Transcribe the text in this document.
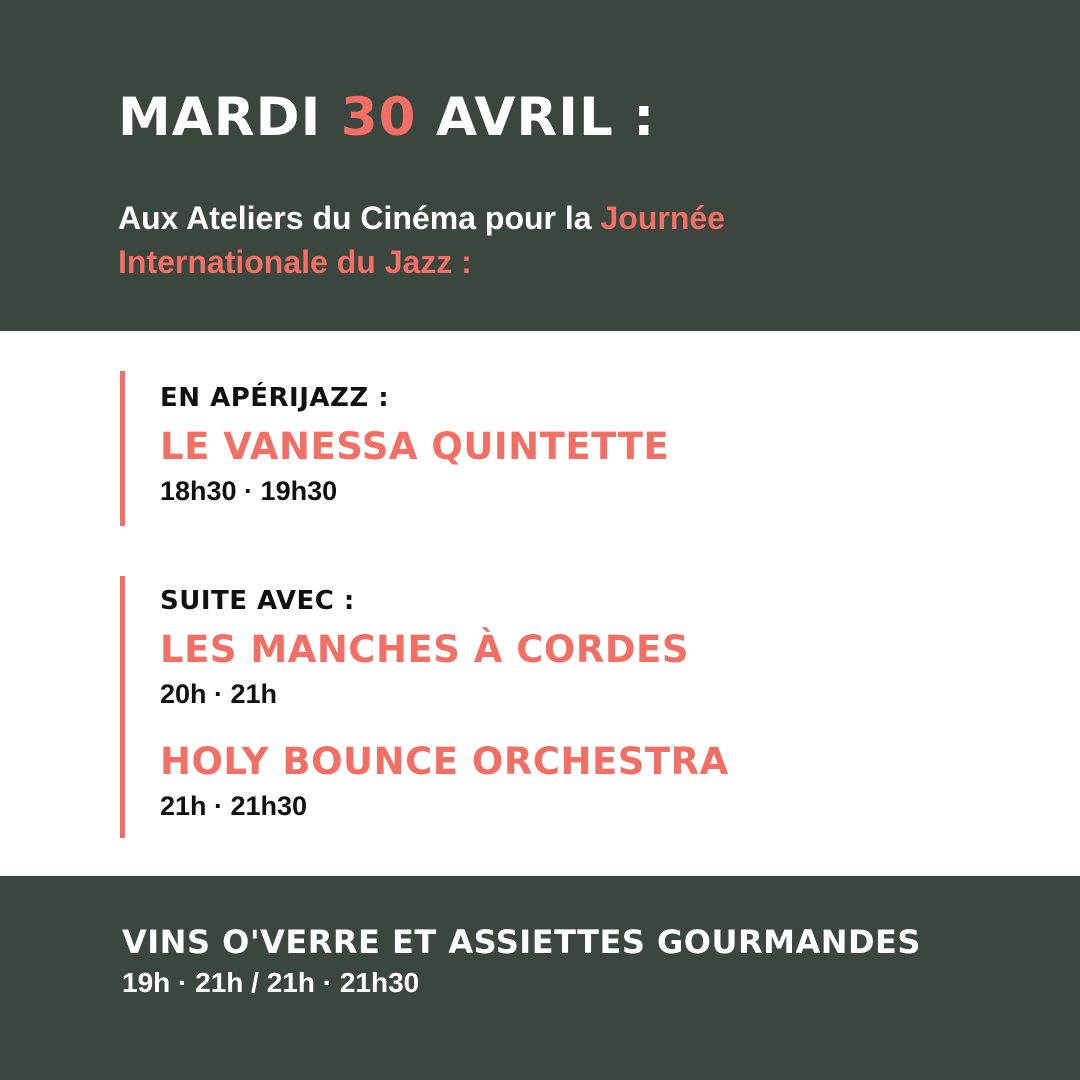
MARDI 30 AVRIL :
Aux Ateliers du Cinéma pour la Journée Internationale du Jazz :
EN APÉRIJAZZ :
LE VANESSA QUINTETTE
18h30 · 19h30
SUITE AVEC :
LES MANCHES À CORDES
20h · 21h
HOLY BOUNCE ORCHESTRA
21h · 21h30
VINS O'VERRE ET ASSIETTES GOURMANDES
19h · 21h / 21h · 21h30
